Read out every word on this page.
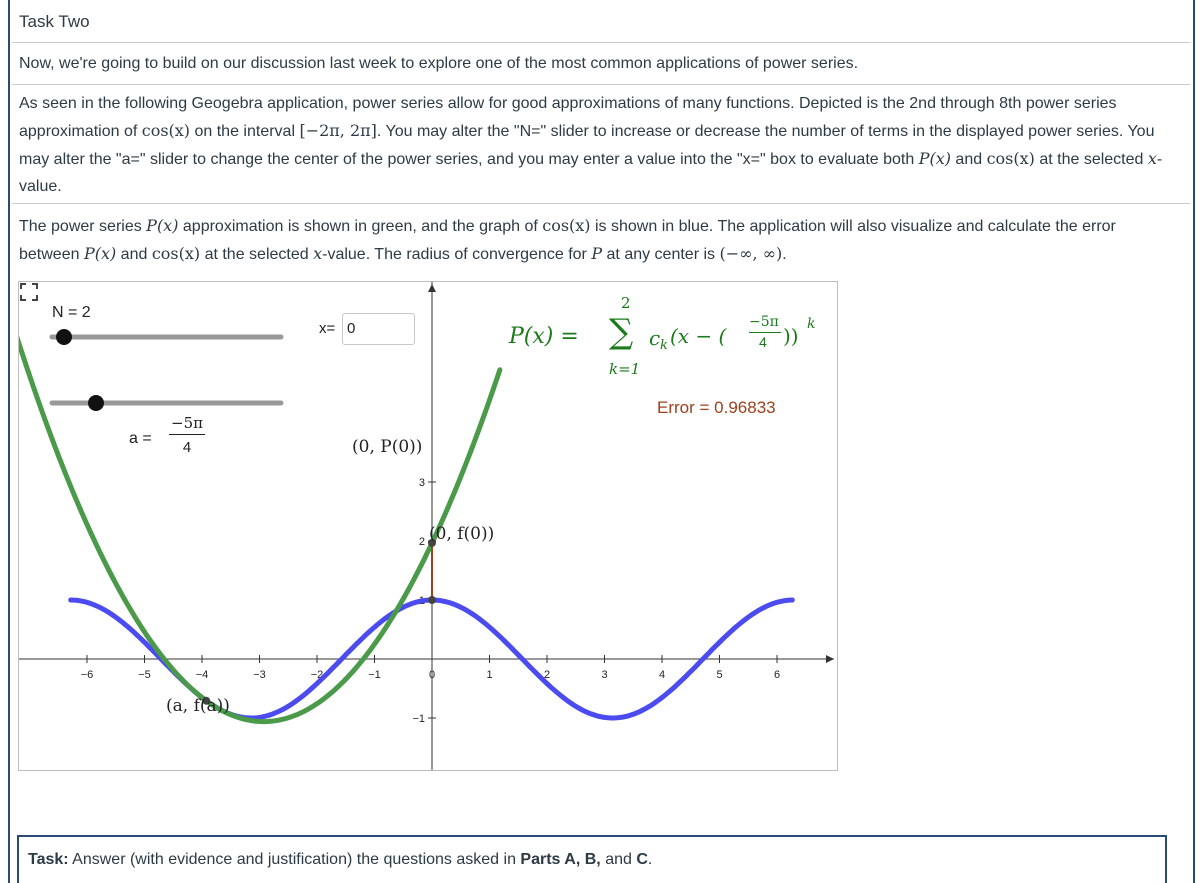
Task Two
Now, we're going to build on our discussion last week to explore one of the most common applications of power series.
As seen in the following Geogebra application, power series allow for good approximations of many functions. Depicted is the 2nd through 8th power series approximation of cos(x) on the interval [−2π, 2π]. You may alter the "N=" slider to increase or decrease the number of terms in the displayed power series. You may alter the "a=" slider to change the center of the power series, and you may enter a value into the "x=" box to evaluate both P(x) and cos(x) at the selected x-value.
The power series P(x) approximation is shown in green, and the graph of cos(x) is shown in blue. The application will also visualize and calculate the error between P(x) and cos(x) at the selected x-value. The radius of convergence for P at any center is (−∞, ∞).
−6	−5	−4	−3	−2	−1	0	1	2	3	4	5	6
3
2
1
−1
N = 2
x= 0
a =
−5π
4	(0, P(0))
(0, f(0))
(a, f(a))
P(x) =
2
∑
k=1
c k (x − (
−5π
4 )) k
Error = 0.96833
Task: Answer (with evidence and justification) the questions asked in Parts A, B, and C.
